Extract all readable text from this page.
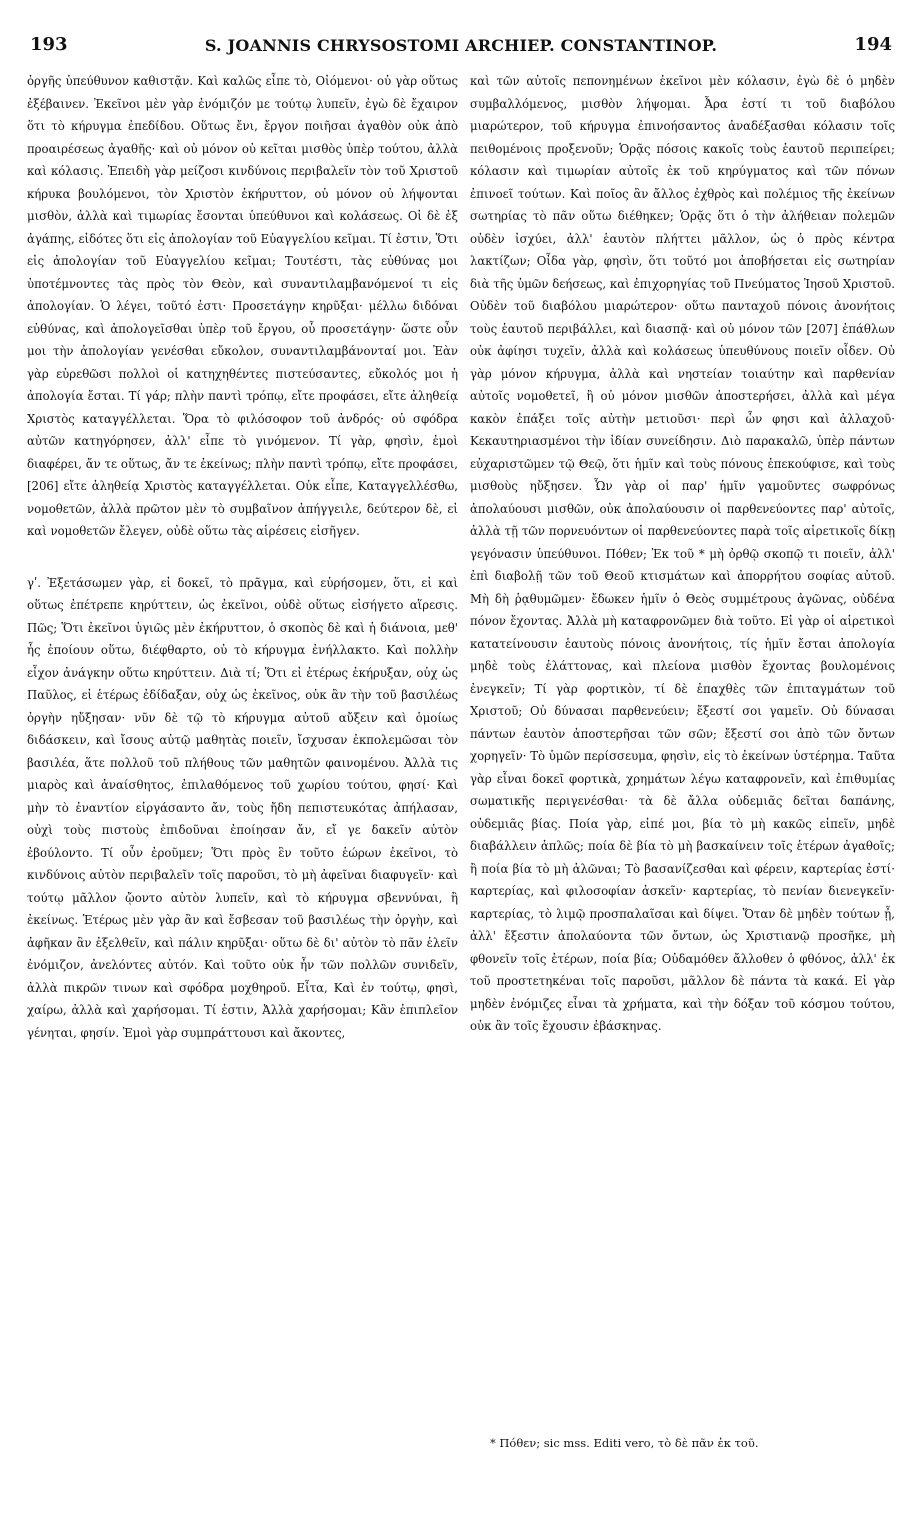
193	S. JOANNIS CHRYSOSTOMI ARCHIEP. CONSTANTINOP.	194

ὀργῆς ὑπεύθυνον καθιστᾷν. Καὶ καλῶς εἶπε τὸ, Οἰόμενοι· οὐ γὰρ οὕτως ἐξέβαινεν. Ἐκεῖνοι μὲν γὰρ ἐνόμιζόν με τούτῳ λυπεῖν, ἐγὼ δὲ ἔχαιρον ὅτι τὸ κήρυγμα ἐπεδίδου. Οὕτως ἔνι, ἔργον ποιῆσαι ἀγαθὸν οὐκ ἀπὸ προαιρέσεως ἀγαθῆς· καὶ οὐ μόνον οὐ κεῖται μισθὸς ὑπὲρ τούτου, ἀλλὰ καὶ κόλασις. Ἐπειδὴ γὰρ μείζοσι κινδύνοις περιβαλεῖν τὸν τοῦ Χριστοῦ κήρυκα βουλόμενοι, τὸν Χριστὸν ἐκήρυττον, οὐ μόνον οὐ λήψονται μισθὸν, ἀλλὰ καὶ τιμωρίας ἔσονται ὑπεύθυνοι καὶ κολάσεως. Οἱ δὲ ἐξ ἀγάπης, εἰδότες ὅτι εἰς ἀπολογίαν τοῦ Εὐαγγελίου κεῖμαι. Τί ἐστιν, Ὅτι εἰς ἀπολογίαν τοῦ Εὐαγγελίου κεῖμαι; Τουτέστι, τὰς εὐθύνας μοι ὑποτέμνοντες τὰς πρὸς τὸν Θεὸν, καὶ συναντιλαμβανόμενοί τι εἰς ἀπολογίαν. Ὁ λέγει, τοῦτό ἐστι· Προσετάγην κηρῦξαι· μέλλω διδόναι εὐθύνας, καὶ ἀπολογεῖσθαι ὑπὲρ τοῦ ἔργου, οὗ προσετάγην· ὥστε οὖν μοι τὴν ἀπολογίαν γενέσθαι εὔκολον, συναντιλαμβάνονταί μοι. Ἐὰν γὰρ εὑρεθῶσι πολλοὶ οἱ κατηχηθέντες πιστεύσαντες, εὔκολός μοι ἡ ἀπολογία ἔσται. Τί γάρ; πλὴν παντὶ τρόπῳ, εἴτε προφάσει, εἴτε ἀληθείᾳ Χριστὸς καταγγέλλεται. Ὅρα τὸ φιλόσοφον τοῦ ἀνδρός· οὐ σφόδρα αὐτῶν κατηγόρησεν, ἀλλ' εἶπε τὸ γινόμενον. Τί γὰρ, φησὶν, ἐμοὶ διαφέρει, ἄν τε οὕτως, ἄν τε ἐκείνως; πλὴν παντὶ τρόπῳ, εἴτε προφάσει, [206] εἴτε ἀληθείᾳ Χριστὸς καταγγέλλεται. Οὐκ εἶπε, Καταγγελλέσθω, νομοθετῶν, ἀλλὰ πρῶτον μὲν τὸ συμβαῖνον ἀπήγγειλε, δεύτερον δὲ, εἰ καὶ νομοθετῶν ἔλεγεν, οὐδὲ οὕτω τὰς αἱρέσεις εἰσῆγεν.

γʹ. Ἐξετάσωμεν γὰρ, εἰ δοκεῖ, τὸ πρᾶγμα, καὶ εὑρήσομεν, ὅτι, εἰ καὶ οὕτως ἐπέτρεπε κηρύττειν, ὡς ἐκεῖνοι, οὐδὲ οὕτως εἰσήγετο αἵρεσις. Πῶς; Ὅτι ἐκεῖνοι ὑγιῶς μὲν ἐκήρυττον, ὁ σκοπὸς δὲ καὶ ἡ διάνοια, μεθ' ἧς ἐποίουν οὕτω, διέφθαρτο, οὐ τὸ κήρυγμα ἐνήλλακτο. Καὶ πολλὴν εἶχον ἀνάγκην οὕτω κηρύττειν. Διὰ τί; Ὅτι εἰ ἑτέρως ἐκήρυξαν, οὐχ ὡς Παῦλος, εἰ ἑτέρως ἐδίδαξαν, οὐχ ὡς ἐκεῖνος, οὐκ ἂν τὴν τοῦ βασιλέως ὀργὴν ηὔξησαν· νῦν δὲ τῷ τὸ κήρυγμα αὐτοῦ αὔξειν καὶ ὁμοίως διδάσκειν, καὶ ἴσους αὐτῷ μαθητὰς ποιεῖν, ἴσχυσαν ἐκπολεμῶσαι τὸν βασιλέα, ἅτε πολλοῦ τοῦ πλήθους τῶν μαθητῶν φαινομένου. Ἀλλὰ τις μιαρὸς καὶ ἀναίσθητος, ἐπιλαθόμενος τοῦ χωρίου τούτου, φησί· Καὶ μὴν τὸ ἐναντίον εἰργάσαντο ἄν, τοὺς ἤδη πεπιστευκότας ἀπήλασαν, οὐχὶ τοὺς πιστοὺς ἐπιδοῦναι ἐποίησαν ἄν, εἴ γε δακεῖν αὐτὸν ἐβούλοντο. Τί οὖν ἐροῦμεν; Ὅτι πρὸς ἓν τοῦτο ἑώρων ἐκεῖνοι, τὸ κινδύνοις αὐτὸν περιβαλεῖν τοῖς παροῦσι, τὸ μὴ ἀφεῖναι διαφυγεῖν· καὶ τούτῳ μᾶλλον ᾤοντο αὐτὸν λυπεῖν, καὶ τὸ κήρυγμα σβεννύναι, ἢ ἐκείνως. Ἑτέρως μὲν γὰρ ἂν καὶ ἔσβεσαν τοῦ βασιλέως τὴν ὀργὴν, καὶ ἀφῆκαν ἂν ἐξελθεῖν, καὶ πάλιν κηρῦξαι· οὕτω δὲ δι' αὐτὸν τὸ πᾶν ἑλεῖν ἐνόμιζον, ἀνελόντες αὐτόν. Καὶ τοῦτο οὐκ ἦν τῶν πολλῶν συνιδεῖν, ἀλλὰ πικρῶν τινων καὶ σφόδρα μοχθηροῦ. Εἶτα, Καὶ ἐν τούτῳ, φησὶ, χαίρω, ἀλλὰ καὶ χαρήσομαι. Τί ἐστιν, Ἀλλὰ χαρήσομαι; Κἂν ἐπιπλεῖον γένηται, φησίν. Ἐμοὶ γὰρ συμπράττουσι καὶ ἄκοντες,

καὶ τῶν αὐτοῖς πεπονημένων ἐκεῖνοι μὲν κόλασιν, ἐγὼ δὲ ὁ μηδὲν συμβαλλόμενος, μισθὸν λήψομαι. Ἆρα ἐστί τι τοῦ διαβόλου μιαρώτερον, τοῦ κήρυγμα ἐπινοήσαντος ἀναδέξασθαι κόλασιν τοῖς πειθομένοις προξενοῦν; Ὁρᾷς πόσοις κακοῖς τοὺς ἑαυτοῦ περιπείρει; κόλασιν καὶ τιμωρίαν αὐτοῖς ἐκ τοῦ κηρύγματος καὶ τῶν πόνων ἐπινοεῖ τούτων. Καὶ ποῖος ἂν ἄλλος ἐχθρὸς καὶ πολέμιος τῆς ἐκείνων σωτηρίας τὸ πᾶν οὕτω διέθηκεν; Ὁρᾷς ὅτι ὁ τὴν ἀλήθειαν πολεμῶν οὐδὲν ἰσχύει, ἀλλ' ἑαυτὸν πλήττει μᾶλλον, ὡς ὁ πρὸς κέντρα λακτίζων; Οἶδα γὰρ, φησὶν, ὅτι τοῦτό μοι ἀποβήσεται εἰς σωτηρίαν διὰ τῆς ὑμῶν δεήσεως, καὶ ἐπιχορηγίας τοῦ Πνεύματος Ἰησοῦ Χριστοῦ. Οὐδὲν τοῦ διαβόλου μιαρώτερον· οὕτω πανταχοῦ πόνοις ἀνονήτοις τοὺς ἑαυτοῦ περιβάλλει, καὶ διασπᾷ· καὶ οὐ μόνον τῶν [207] ἐπάθλων οὐκ ἀφίησι τυχεῖν, ἀλλὰ καὶ κολάσεως ὑπευθύνους ποιεῖν οἶδεν. Οὐ γὰρ μόνον κήρυγμα, ἀλλὰ καὶ νηστείαν τοιαύτην καὶ παρθενίαν αὐτοῖς νομοθετεῖ, ἢ οὐ μόνον μισθῶν ἀποστερήσει, ἀλλὰ καὶ μέγα κακὸν ἐπάξει τοῖς αὐτὴν μετιοῦσι· περὶ ὧν φησι καὶ ἀλλαχοῦ· Κεκαυτηριασμένοι τὴν ἰδίαν συνείδησιν. Διὸ παρακαλῶ, ὑπὲρ πάντων εὐχαριστῶμεν τῷ Θεῷ, ὅτι ἡμῖν καὶ τοὺς πόνους ἐπεκούφισε, καὶ τοὺς μισθοὺς ηὔξησεν. Ὧν γὰρ οἱ παρ' ἡμῖν γαμοῦντες σωφρόνως ἀπολαύουσι μισθῶν, οὐκ ἀπολαύουσιν οἱ παρθενεύοντες παρ' αὐτοῖς, ἀλλὰ τῇ τῶν πορνευόντων οἱ παρθενεύοντες παρὰ τοῖς αἱρετικοῖς δίκῃ γεγόνασιν ὑπεύθυνοι. Πόθεν; Ἐκ τοῦ * μὴ ὀρθῷ σκοπῷ τι ποιεῖν, ἀλλ' ἐπὶ διαβολῇ τῶν τοῦ Θεοῦ κτισμάτων καὶ ἀπορρήτου σοφίας αὐτοῦ. Μὴ δὴ ῥᾳθυμῶμεν· ἔδωκεν ἡμῖν ὁ Θεὸς συμμέτρους ἀγῶνας, οὐδένα πόνον ἔχοντας. Ἀλλὰ μὴ καταφρονῶμεν διὰ τοῦτο. Εἰ γὰρ οἱ αἱρετικοὶ κατατείνουσιν ἑαυτοὺς πόνοις ἀνονήτοις, τίς ἡμῖν ἔσται ἀπολογία μηδὲ τοὺς ἐλάττονας, καὶ πλείονα μισθὸν ἔχοντας βουλομένοις ἐνεγκεῖν; Τί γὰρ φορτικὸν, τί δὲ ἐπαχθὲς τῶν ἐπιταγμάτων τοῦ Χριστοῦ; Οὐ δύνασαι παρθενεύειν; ἔξεστί σοι γαμεῖν. Οὐ δύνασαι πάντων ἑαυτὸν ἀποστερῆσαι τῶν σῶν; ἔξεστί σοι ἀπὸ τῶν ὄντων χορηγεῖν· Τὸ ὑμῶν περίσσευμα, φησὶν, εἰς τὸ ἐκείνων ὑστέρημα. Ταῦτα γὰρ εἶναι δοκεῖ φορτικὰ, χρημάτων λέγω καταφρονεῖν, καὶ ἐπιθυμίας σωματικῆς περιγενέσθαι· τὰ δὲ ἄλλα οὐδεμιᾶς δεῖται δαπάνης, οὐδεμιᾶς βίας. Ποία γὰρ, εἰπέ μοι, βία τὸ μὴ κακῶς εἰπεῖν, μηδὲ διαβάλλειν ἁπλῶς; ποία δὲ βία τὸ μὴ βασκαίνειν τοῖς ἑτέρων ἀγαθοῖς; ἢ ποία βία τὸ μὴ ἁλῶναι; Τὸ βασανίζεσθαι καὶ φέρειν, καρτερίας ἐστί· καρτερίας, καὶ φιλοσοφίαν ἀσκεῖν· καρτερίας, τὸ πενίαν διενεγκεῖν· καρτερίας, τὸ λιμῷ προσπαλαῖσαι καὶ δίψει. Ὅταν δὲ μηδὲν τούτων ᾖ, ἀλλ' ἔξεστιν ἀπολαύοντα τῶν ὄντων, ὡς Χριστιανῷ προσῆκε, μὴ φθονεῖν τοῖς ἑτέρων, ποία βία; Οὐδαμόθεν ἄλλοθεν ὁ φθόνος, ἀλλ' ἐκ τοῦ προστετηκέναι τοῖς παροῦσι, μᾶλλον δὲ πάντα τὰ κακά. Εἰ γὰρ μηδὲν ἐνόμιζες εἶναι τὰ χρήματα, καὶ τὴν δόξαν τοῦ κόσμου τούτου, οὐκ ἂν τοῖς ἔχουσιν ἐβάσκηνας.

* Πόθεν; sic mss. Editi vero, τὸ δὲ πᾶν ἐκ τοῦ.
